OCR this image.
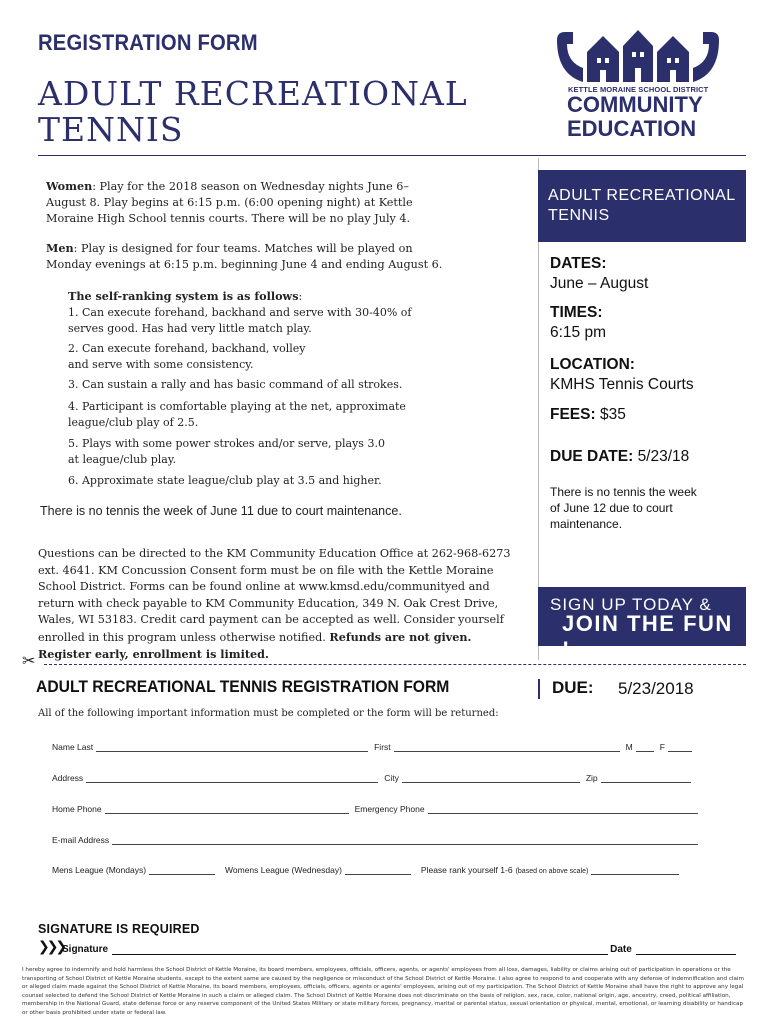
REGISTRATION FORM
ADULT RECREATIONAL TENNIS
KETTLE MORAINE SCHOOL DISTRICT
COMMUNITY
EDUCATION
Women: Play for the 2018 season on Wednesday nights June 6–August 8. Play begins at 6:15 p.m. (6:00 opening night) at Kettle Moraine High School tennis courts. There will be no play July 4.
Men: Play is designed for four teams. Matches will be played on Monday evenings at 6:15 p.m. beginning June 4 and ending August 6.
The self-ranking system is as follows:
1. Can execute forehand, backhand and serve with 30-40% of serves good. Has had very little match play.
2. Can execute forehand, backhand, volley and serve with some consistency.
3. Can sustain a rally and has basic command of all strokes.
4. Participant is comfortable playing at the net, approximate league/club play of 2.5.
5. Plays with some power strokes and/or serve, plays 3.0 at league/club play.
6. Approximate state league/club play at 3.5 and higher.
There is no tennis the week of June 11 due to court maintenance.
Questions can be directed to the KM Community Education Office at 262-968-6273 ext. 4641. KM Concussion Consent form must be on file with the Kettle Moraine School District. Forms can be found online at www.kmsd.edu/communityed and return with check payable to KM Community Education, 349 N. Oak Crest Drive, Wales, WI 53183. Credit card payment can be accepted as well. Consider yourself enrolled in this program unless otherwise notified. Refunds are not given. Register early, enrollment is limited.
ADULT RECREATIONAL TENNIS
DATES:
June – August
TIMES:
6:15 pm
LOCATION:
KMHS Tennis Courts
FEES: $35
DUE DATE: 5/23/18
There is no tennis the week of June 12 due to court maintenance.
SIGN UP TODAY &
JOIN THE FUN !
✂
ADULT RECREATIONAL TENNIS REGISTRATION FORM	DUE: 5/23/2018
All of the following important information must be completed or the form will be returned:
Name Last	First	M	F
Address	City	Zip
Home Phone	Emergency Phone
E-mail Address
Mens League (Mondays)	Womens League (Wednesday)	Please rank yourself 1-6 (based on above scale)
SIGNATURE IS REQUIRED
❯❯❯
Signature	Date
I hereby agree to indemnify and hold harmless the School District of Kettle Moraine, its board members, employees, officials, officers, agents, or agents' employees from all loss, damages, liability or claims arising out of participation in operations or the transporting of School District of Kettle Moraine students, except to the extent same are caused by the negligence or misconduct of the School District of Kettle Moraine. I also agree to respond to and cooperate with any defense of indemnification and claim or alleged claim made against the School District of Kettle Moraine, its board members, employees, officials, officers, agents or agents' employees, arising out of my participation. The School District of Kettle Moraine shall have the right to approve any legal counsel selected to defend the School District of Kettle Moraine in such a claim or alleged claim. The School District of Kettle Moraine does not discriminate on the basis of religion, sex, race, color, national origin, age, ancestry, creed, political affiliation, membership in the National Guard, state defense force or any reserve component of the United States Military or state military forces, pregnancy, marital or parental status, sexual orientation or physical, mental, emotional, or learning disability or handicap or other basis prohibited under state or federal law.
